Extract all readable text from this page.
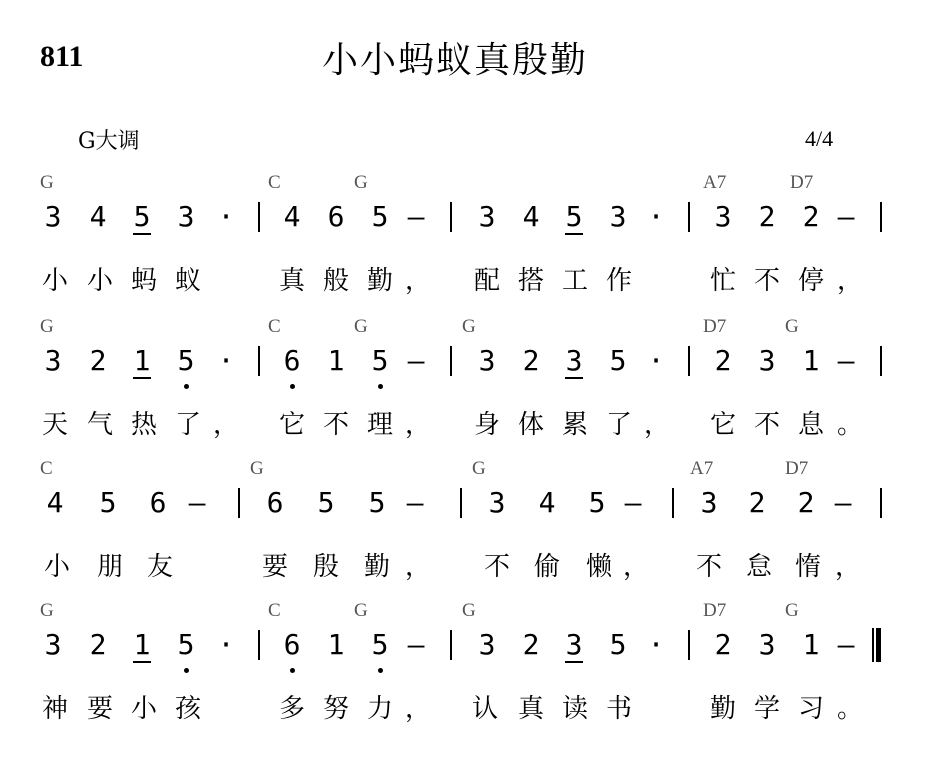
811	小小蚂蚁真殷勤
G大调	4/4
G	C	G	A7	D7
3 4 5 3 · 4 6 5 – 3 4 5 3 · 3 2 2 –
小 小 蚂 蚁	真 般 勤 ， 配 搭 工 作	忙 不 停 ，
G	C	G	G	D7	G
3 2 1 5 · 6 1 5 – 3 2 3 5 · 2 3 1 –
天 气 热 了 ， 它 不 理 ， 身 体 累 了 ， 它 不 息 。
C	G	G	A7	D7
4 5 6 – 6 5 5 – 3 4 5 – 3 2 2 –
小 朋 友	要 殷 勤 ， 不 偷 懒 ， 不 怠 惰 ，
G	C	G	G	D7	G
3 2 1 5 · 6 1 5 – 3 2 3 5 · 2 3 1 –
神 要 小 孩	多 努 力 ， 认 真 读 书	勤 学 习 。
